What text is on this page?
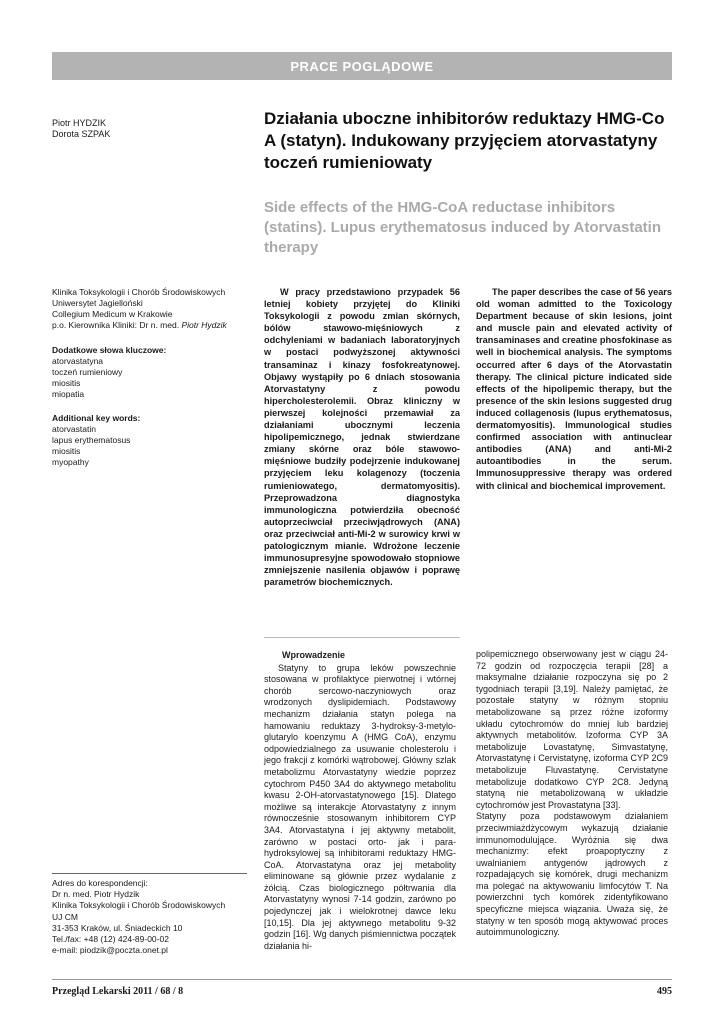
PRACE POGLĄDOWE
Piotr HYDZIK
Dorota SZPAK
Działania uboczne inhibitorów reduktazy HMG-Co A (statyn). Indukowany przyjęciem atorvastatyny toczeń rumieniowaty
Side effects of the HMG-CoA reductase inhibitors (statins). Lupus erythematosus induced by Atorvastatin therapy
Klinika Toksykologii i Chorób Środowiskowych
Uniwersytet Jagielloński
Collegium Medicum w Krakowie
p.o. Kierownika Kliniki: Dr n. med. Piotr Hydzik
Dodatkowe słowa kluczowe:
atorvastatyna
toczeń rumieniowy
miositis
miopatia
Additional key words:
atorvastatin
lapus erythematosus
miositis
myopathy

W pracy przedstawiono przypadek 56 letniej kobiety przyjętej do Kliniki Toksykologii z powodu zmian skórnych, bólów stawowo-mięśniowych z odchyleniami w badaniach laboratoryjnych w postaci podwyższonej aktywności transaminaz i kinazy fosfokreatynowej. Objawy wystąpiły po 6 dniach stosowania Atorvastatyny z powodu hipercholesterolemii. Obraz kliniczny w pierwszej kolejności przemawiał za działaniami ubocznymi leczenia hipolipemicznego, jednak stwierdzane zmiany skórne oraz bóle stawowo-mięśniowe budziły podejrzenie indukowanej przyjęciem leku kolagenozy (toczenia rumieniowatego, dermatomyositis). Przeprowadzona diagnostyka immunologiczna potwierdziła obecność autoprzeciwciał przeciwjądrowych (ANA) oraz przeciwciał anti-Mi-2 w surowicy krwi w patologicznym mianie. Wdrożone leczenie immunosupresyjne spowodowało stopniowe zmniejszenie nasilenia objawów i poprawę parametrów biochemicznych.

The paper describes the case of 56 years old woman admitted to the Toxicology Department because of skin lesions, joint and muscle pain and elevated activity of transaminases and creatine phosfokinase as well in biochemical analysis. The symptoms occurred after 6 days of the Atorvastatin therapy. The clinical picture indicated side effects of the hipolipemic therapy, but the presence of the skin lesions suggested drug induced collagenosis (lupus erythematosus, dermatomyositis). Immunological studies confirmed association with antinuclear antibodies (ANA) and anti-Mi-2 autoantibodies in the serum. Immunosuppressive therapy was ordered with clinical and biochemical improvement.

Wprowadzenie

Statyny to grupa leków powszechnie stosowana w profilaktyce pierwotnej i wtórnej chorób sercowo-naczyniowych oraz wrodzonych dyslipidemiach. Podstawowy mechanizm działania statyn polega na hamowaniu reduktazy 3-hydroksy-3-metylo-glutarylo koenzymu A (HMG CoA), enzymu odpowiedzialnego za usuwanie cholesterolu i jego frakcji z komórki wątrobowej. Główny szlak metabolizmu Atorvastatyny wiedzie poprzez cytochrom P450 3A4 do aktywnego metabolitu kwasu 2-OH-atorvastatynowego [15]. Dlatego możliwe są interakcje Atorvastatyny z innym równocześnie stosowanym inhibitorem CYP 3A4. Atorvastatyna i jej aktywny metabolit, zarówno w postaci orto- jak i para-hydroksylowej są inhibitorami reduktazy HMG-CoA. Atorvastatyna oraz jej metabolity eliminowane są głównie przez wydalanie z żółcią. Czas biologicznego półtrwania dla Atorvastatyny wynosi 7-14 godzin, zarówno po pojedynczej jak i wielokrotnej dawce leku [10,15]. Dla jej aktywnego metabolitu 9-32 godzin [16]. Wg danych piśmiennictwa początek działania hi-

polipemicznego obserwowany jest w ciągu 24-72 godzin od rozpoczęcia terapii [28] a maksymalne działanie rozpoczyna się po 2 tygodniach terapii [3,19]. Należy pamiętać, że pozostałe statyny w różnym stopniu metabolizowane są przez różne izoformy układu cytochromów do mniej lub bardziej aktywnych metabolitów. Izoforma CYP 3A metabolizuje Lovastatynę, Simvastatynę, Atorvastatynę i Cervistatynę, izoforma CYP 2C9 metabolizuje Fluvastatynę. Cervistatyne metabolizuje dodatkowo CYP 2C8. Jedyną statyną nie metabolizowaną w układzie cytochromów jest Provastatyna [33].

Statyny poza podstawowym działaniem przeciwmiażdżycowym wykazują działanie immunomodulujące. Wyróżnia się dwa mechanizmy: efekt proapoptyczny z uwalnianiem antygenów jądrowych z rozpadających się komórek, drugi mechanizm ma polegać na aktywowaniu limfocytów T. Na powierzchni tych komórek zidentyfikowano specyficzne miejsca wiązania. Uważa się, że statyny w ten sposób mogą aktywować proces autoimmunologiczny.

Adres do korespondencji:
Dr n. med. Piotr Hydzik
Klinika Toksykologii i Chorób Środowiskowych
UJ CM
31-353 Kraków, ul. Śniadeckich 10
Tel./fax: +48 (12) 424-89-00-02
e-mail: piodzik@poczta.onet.pl
Przegląd Lekarski 2011 / 68 / 8	495
